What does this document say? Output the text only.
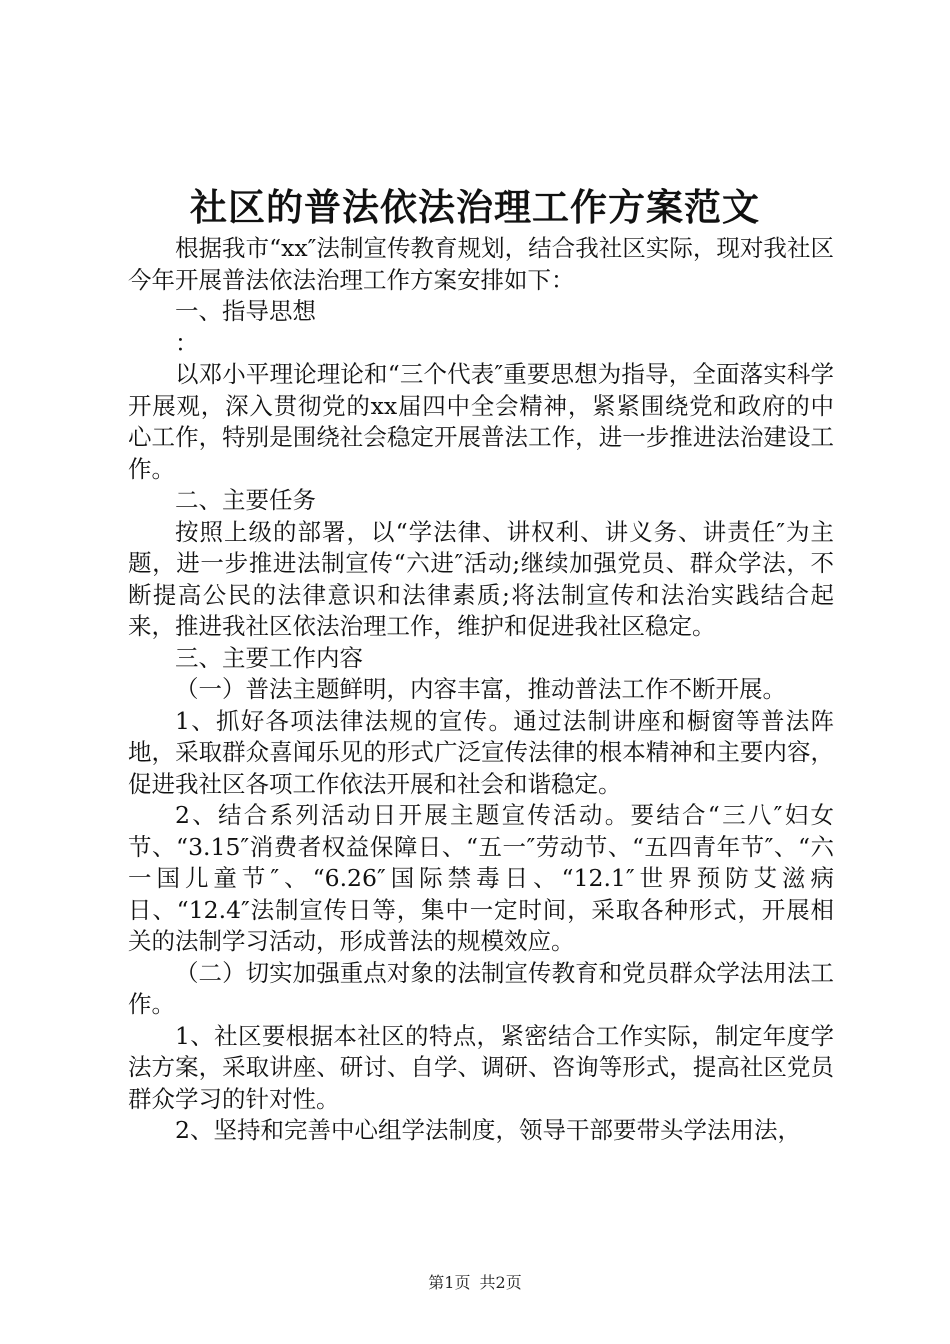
社区的普法依法治理工作方案范文

根据我市“xx″法制宣传教育规划，结合我社区实际，现对我社区今年开展普法依法治理工作方案安排如下：

一、指导思想

：

以邓小平理论理论和“三个代表″重要思想为指导，全面落实科学开展观，深入贯彻党的xx届四中全会精神，紧紧围绕党和政府的中心工作，特别是围绕社会稳定开展普法工作，进一步推进法治建设工作。

二、主要任务

按照上级的部署，以“学法律、讲权利、讲义务、讲责任″为主题，进一步推进法制宣传“六进″活动;继续加强党员、群众学法，不断提高公民的法律意识和法律素质;将法制宣传和法治实践结合起来，推进我社区依法治理工作，维护和促进我社区稳定。

三、主要工作内容

（一）普法主题鲜明，内容丰富，推动普法工作不断开展。

1、抓好各项法律法规的宣传。通过法制讲座和橱窗等普法阵地，采取群众喜闻乐见的形式广泛宣传法律的根本精神和主要内容，促进我社区各项工作依法开展和社会和谐稳定。

2、结合系列活动日开展主题宣传活动。要结合“三八″妇女节、“3.15″消费者权益保障日、“五一″劳动节、“五四青年节″、“六一国儿童节″、“6.26″国际禁毒日、“12.1″世界预防艾滋病日、“12.4″法制宣传日等，集中一定时间，采取各种形式，开展相关的法制学习活动，形成普法的规模效应。

（二）切实加强重点对象的法制宣传教育和党员群众学法用法工作。

1、社区要根据本社区的特点，紧密结合工作实际，制定年度学法方案，采取讲座、研讨、自学、调研、咨询等形式，提高社区党员群众学习的针对性。

2、坚持和完善中心组学法制度，领导干部要带头学法用法，

第1页 共2页
